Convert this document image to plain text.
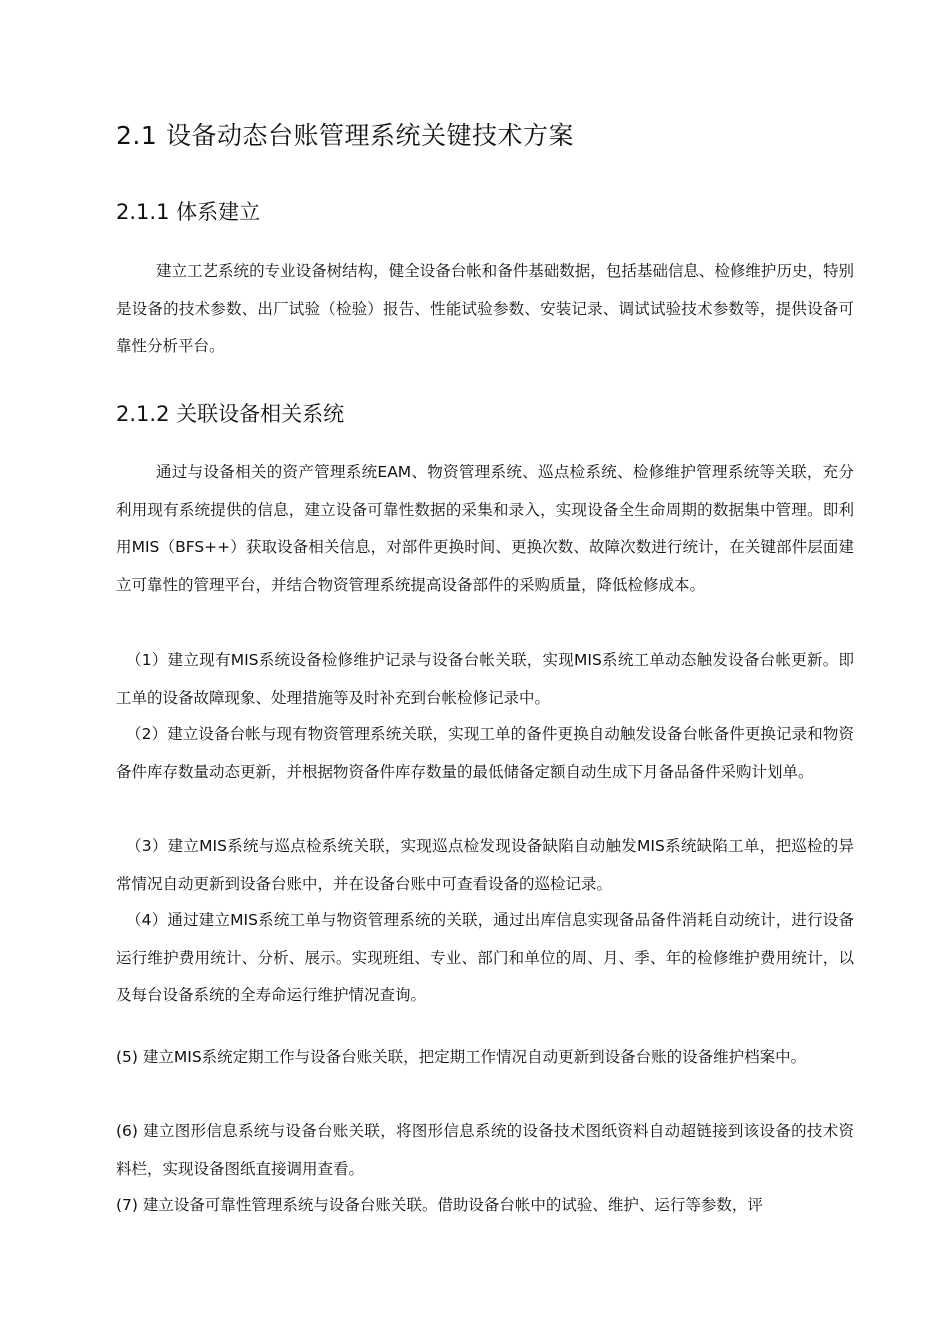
2.1 设备动态台账管理系统关键技术方案
2.1.1 体系建立

建立工艺系统的专业设备树结构，健全设备台帐和备件基础数据，包括基础信息、检修维护历史，特别是设备的技术参数、出厂试验（检验）报告、性能试验参数、安装记录、调试试验技术参数等，提供设备可靠性分析平台。

2.1.2 关联设备相关系统

通过与设备相关的资产管理系统EAM、物资管理系统、巡点检系统、检修维护管理系统等关联，充分利用现有系统提供的信息，建立设备可靠性数据的采集和录入，实现设备全生命周期的数据集中管理。即利用MIS（BFS++）获取设备相关信息，对部件更换时间、更换次数、故障次数进行统计，在关键部件层面建立可靠性的管理平台，并结合物资管理系统提高设备部件的采购质量，降低检修成本。

（1）建立现有MIS系统设备检修维护记录与设备台帐关联，实现MIS系统工单动态触发设备台帐更新。即工单的设备故障现象、处理措施等及时补充到台帐检修记录中。

（2）建立设备台帐与现有物资管理系统关联，实现工单的备件更换自动触发设备台帐备件更换记录和物资备件库存数量动态更新，并根据物资备件库存数量的最低储备定额自动生成下月备品备件采购计划单。

（3）建立MIS系统与巡点检系统关联，实现巡点检发现设备缺陷自动触发MIS系统缺陷工单，把巡检的异常情况自动更新到设备台账中，并在设备台账中可查看设备的巡检记录。

（4）通过建立MIS系统工单与物资管理系统的关联，通过出库信息实现备品备件消耗自动统计，进行设备运行维护费用统计、分析、展示。实现班组、专业、部门和单位的周、月、季、年的检修维护费用统计，以及每台设备系统的全寿命运行维护情况查询。

(5) 建立MIS系统定期工作与设备台账关联，把定期工作情况自动更新到设备台账的设备维护档案中。

(6) 建立图形信息系统与设备台账关联，将图形信息系统的设备技术图纸资料自动超链接到该设备的技术资料栏，实现设备图纸直接调用查看。

(7) 建立设备可靠性管理系统与设备台账关联。借助设备台帐中的试验、维护、运行等参数，评
